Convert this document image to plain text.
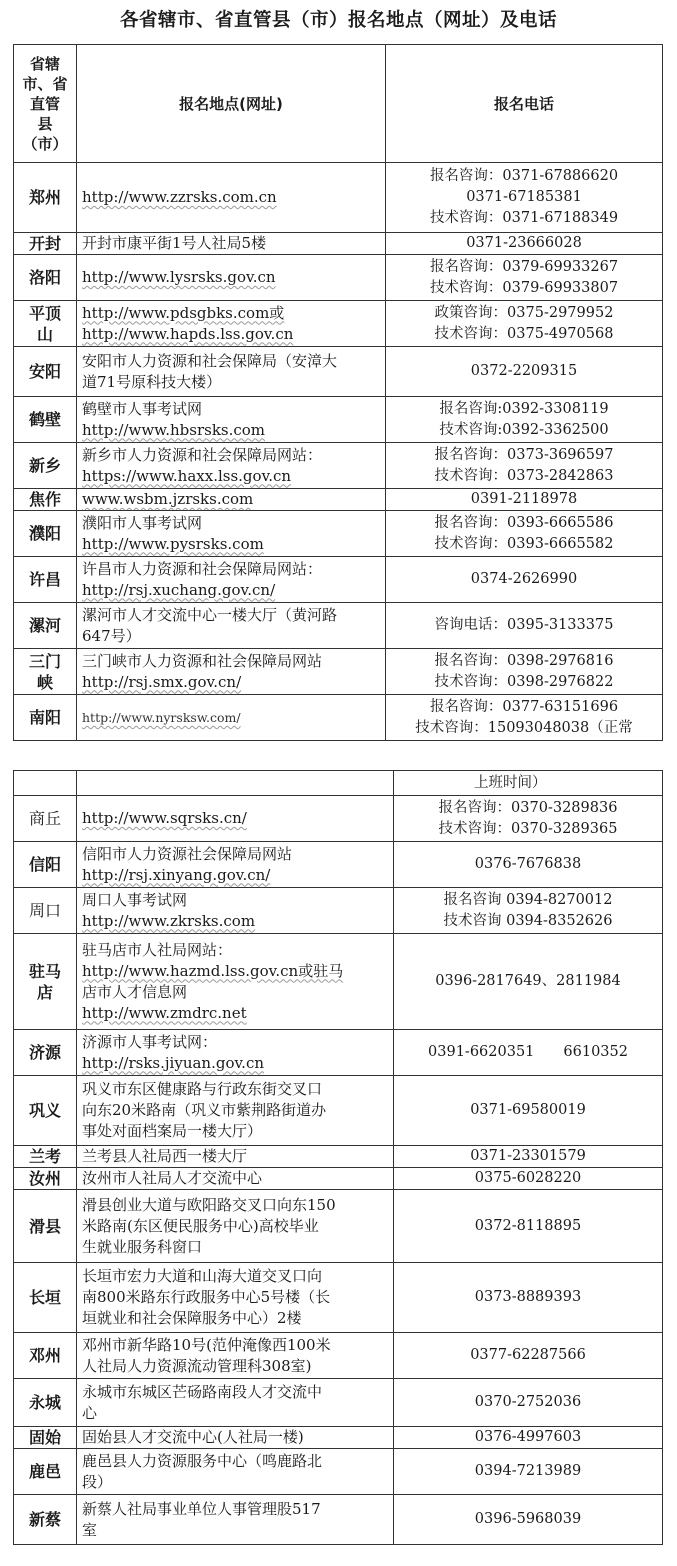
各省辖市、省直管县（市）报名地点（网址）及电话
省辖
市、省
直管
县
（市）	报名地点(网址)	报名电话

郑州	http://www.zzrsks.com.cn	报名咨询：0371-67886620
0371-67185381
技术咨询：0371-67188349

开封	开封市康平街1号人社局5楼	0371-23666028

洛阳	http://www.lysrsks.gov.cn	报名咨询：0379-69933267
技术咨询：0379-69933807

平顶
山	http://www.pdsgbks.com或
http://www.hapds.lss.gov.cn	政策咨询：0375-2979952
技术咨询：0375-4970568

安阳	安阳市人力资源和社会保障局（安漳大
道71号原科技大楼）	0372-2209315

鹤壁	鹤壁市人事考试网
http://www.hbsrsks.com	报名咨询:0392-3308119
技术咨询:0392-3362500

新乡	新乡市人力资源和社会保障局网站：
https://www.haxx.lss.gov.cn	报名咨询：0373-3696597
技术咨询：0373-2842863

焦作	www.wsbm.jzrsks.com	0391-2118978

濮阳	濮阳市人事考试网
http://www.pysrsks.com	报名咨询：0393-6665586
技术咨询：0393-6665582

许昌	许昌市人力资源和社会保障局网站：
http://rsj.xuchang.gov.cn/	0374-2626990

漯河	漯河市人才交流中心一楼大厅（黄河路
647号）	咨询电话：0395-3133375

三门
峡	三门峡市人力资源和社会保障局网站
http://rsj.smx.gov.cn/	报名咨询：0398-2976816
技术咨询：0398-2976822

南阳	http://www.nyrsksw.com/	报名咨询：0377-63151696
技术咨询：15093048038（正常

		上班时间）

商丘	http://www.sqrsks.cn/	报名咨询：0370-3289836
技术咨询：0370-3289365

信阳	信阳市人力资源社会保障局网站
http://rsj.xinyang.gov.cn/	0376-7676838

周口	周口人事考试网
http://www.zkrsks.com	报名咨询 0394-8270012
技术咨询 0394-8352626

驻马
店	驻马店市人社局网站：
http://www.hazmd.lss.gov.cn或驻马
店市人才信息网
http://www.zmdrc.net	0396-2817649、2811984

济源	济源市人事考试网：
http://rsks.jiyuan.gov.cn	0391-6620351　　6610352

巩义	巩义市东区健康路与行政东街交叉口
向东20米路南（巩义市紫荆路街道办
事处对面档案局一楼大厅）	0371-69580019

兰考	兰考县人社局西一楼大厅	0371-23301579

汝州	汝州市人社局人才交流中心	0375-6028220

滑县	滑县创业大道与欧阳路交叉口向东150
米路南(东区便民服务中心)高校毕业
生就业服务科窗口	0372-8118895

长垣	长垣市宏力大道和山海大道交叉口向
南800米路东行政服务中心5号楼（长
垣就业和社会保障服务中心）2楼	0373-8889393

邓州	邓州市新华路10号(范仲淹像西100米
人社局人力资源流动管理科308室)	0377-62287566

永城	永城市东城区芒砀路南段人才交流中
心	0370-2752036

固始	固始县人才交流中心(人社局一楼)	0376-4997603

鹿邑	鹿邑县人力资源服务中心（鸣鹿路北
段）	0394-7213989

新蔡	新蔡人社局事业单位人事管理股517
室	0396-5968039
